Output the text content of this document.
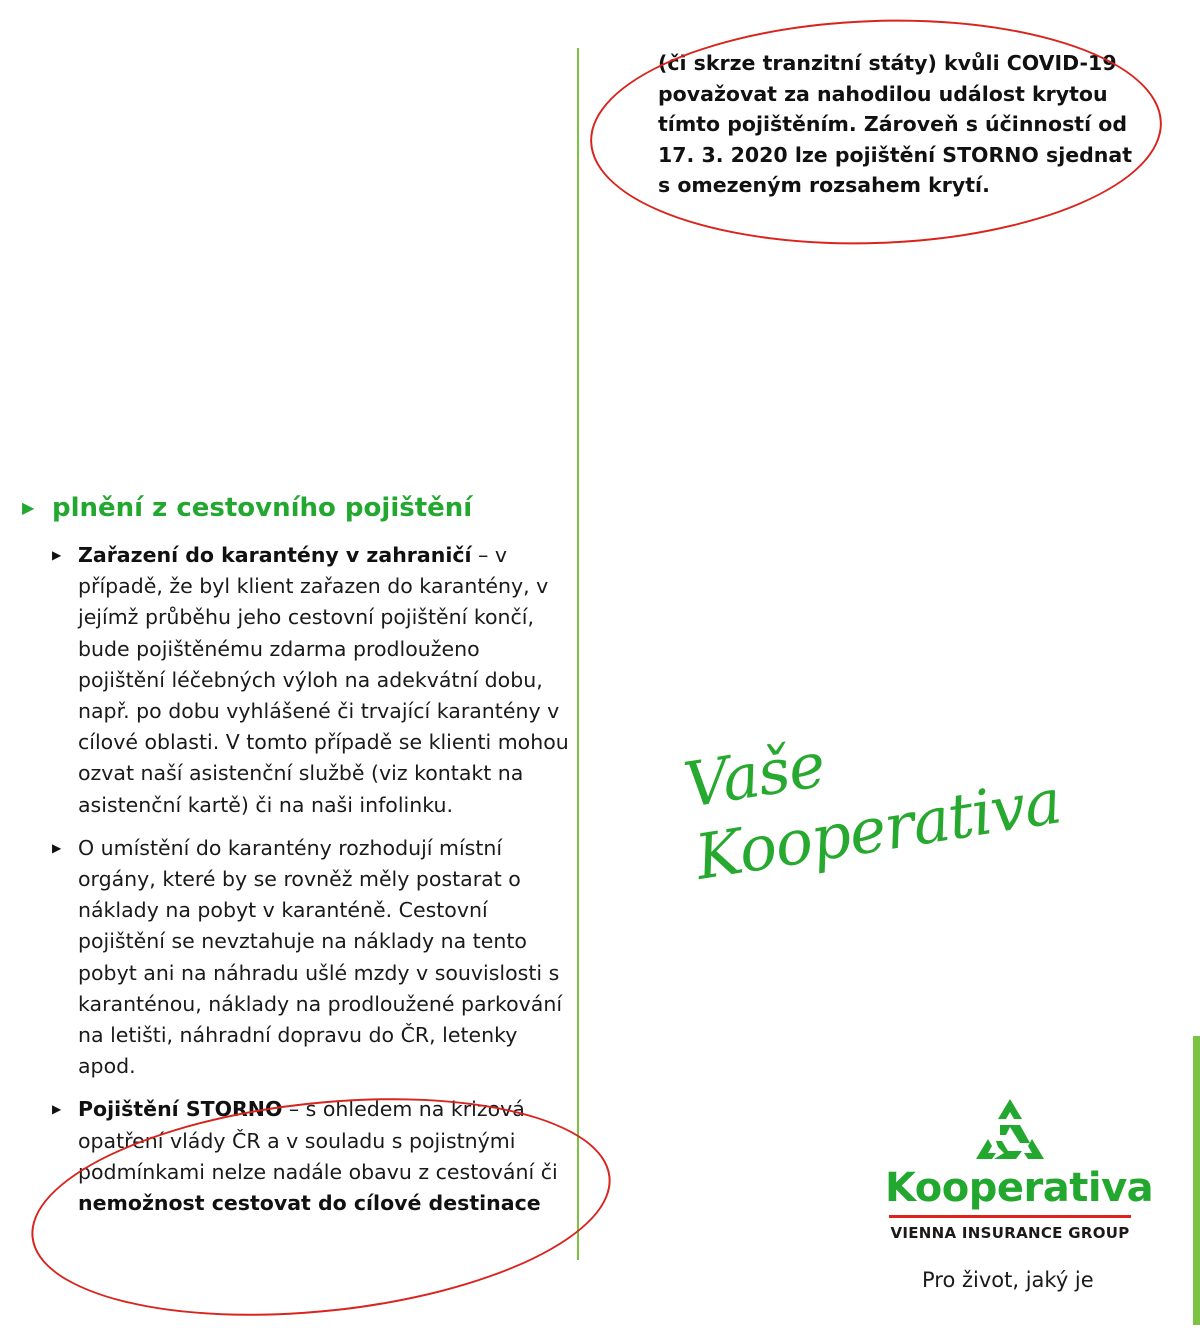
(či skrze tranzitní státy) kvůli COVID-19 považovat za nahodilou událost krytou tímto pojištěním. Zároveň s účinností od 17. 3. 2020 lze pojištění STORNO sjednat s omezeným rozsahem krytí.

▶ plnění z cestovního pojištění
▶ Zařazení do karantény v zahraničí – v případě, že byl klient zařazen do karantény, v jejímž průběhu jeho cestovní pojištění končí, bude pojištěnému zdarma prodlouženo pojištění léčebných výloh na adekvátní dobu, např. po dobu vyhlášené či trvající karantény v cílové oblasti. V tomto případě se klienti mohou ozvat naší asistenční službě (viz kontakt na asistenční kartě) či na naši infolinku.
▶ O umístění do karantény rozhodují místní orgány, které by se rovněž měly postarat o náklady na pobyt v karanténě. Cestovní pojištění se nevztahuje na náklady na tento pobyt ani na náhradu ušlé mzdy v souvislosti s karanténou, náklady na prodloužené parkování na letišti, náhradní dopravu do ČR, letenky apod.
▶ Pojištění STORNO – s ohledem na krizová opatření vlády ČR a v souladu s pojistnými podmínkami nelze nadále obavu z cestování či nemožnost cestovat do cílové destinace
Vaše Kooperativa
Kooperativa
VIENNA INSURANCE GROUP
Pro život, jaký je
